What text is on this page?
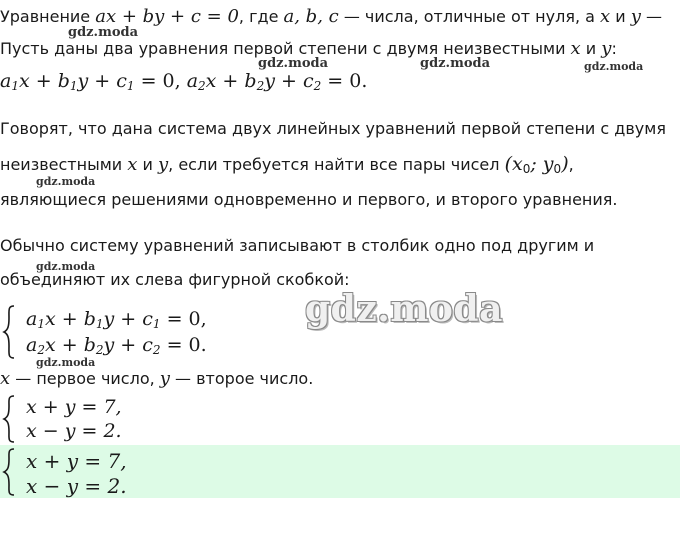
Уравнение ax + by + c = 0, где a, b, c — числа, отличные от нуля, а x и y —
gdz.moda
Пусть даны два уравнения первой степени с двумя неизвестными x и y:
gdz.moda	gdz.moda	gdz.moda
$a_1x + b_1y + c_1 = 0$, $a_2x + b_2y + c_2 = 0$.
Говорят, что дана система двух линейных уравнений первой степени с двумя
неизвестными x и y, если требуется найти все пары чисел ($x_0$; $y_0$),
gdz.moda
являющиеся решениями одновременно и первого, и второго уравнения.
Обычно систему уравнений записывают в столбик одно под другим и
gdz.moda
объединяют их слева фигурной скобкой:
gdz.moda
$a_1x + b_1y + c_1 = 0$,
$a_2x + b_2y + c_2 = 0$.
gdz.moda
x — первое число, y — второе число.
x + y = 7,
x − y = 2.
x + y = 7,
x − y = 2.
